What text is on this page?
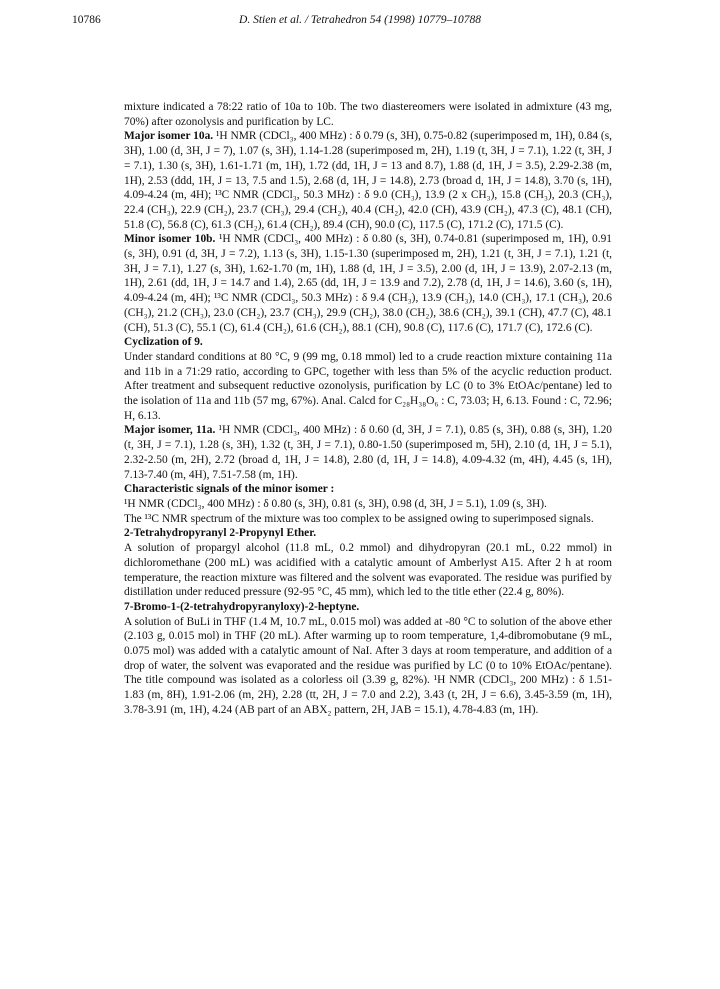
10786	D. Stien et al. / Tetrahedron 54 (1998) 10779–10788

mixture indicated a 78:22 ratio of 10a to 10b. The two diastereomers were isolated in admixture (43 mg, 70%) after ozonolysis and purification by LC.

Major isomer 10a. ¹H NMR (CDCl₃, 400 MHz) : δ 0.79 (s, 3H), 0.75-0.82 (superimposed m, 1H), 0.84 (s, 3H), 1.00 (d, 3H, J = 7), 1.07 (s, 3H), 1.14-1.28 (superimposed m, 2H), 1.19 (t, 3H, J = 7.1), 1.22 (t, 3H, J = 7.1), 1.30 (s, 3H), 1.61-1.71 (m, 1H), 1.72 (dd, 1H, J = 13 and 8.7), 1.88 (d, 1H, J = 3.5), 2.29-2.38 (m, 1H), 2.53 (ddd, 1H, J = 13, 7.5 and 1.5), 2.68 (d, 1H, J = 14.8), 2.73 (broad d, 1H, J = 14.8), 3.70 (s, 1H), 4.09-4.24 (m, 4H); ¹³C NMR (CDCl₃, 50.3 MHz) : δ 9.0 (CH₃), 13.9 (2 x CH₃), 15.8 (CH₃), 20.3 (CH₃), 22.4 (CH₃), 22.9 (CH₂), 23.7 (CH₃), 29.4 (CH₂), 40.4 (CH₂), 42.0 (CH), 43.9 (CH₂), 47.3 (C), 48.1 (CH), 51.8 (C), 56.8 (C), 61.3 (CH₂), 61.4 (CH₂), 89.4 (CH), 90.0 (C), 117.5 (C), 171.2 (C), 171.5 (C).

Minor isomer 10b. ¹H NMR (CDCl₃, 400 MHz) : δ 0.80 (s, 3H), 0.74-0.81 (superimposed m, 1H), 0.91 (s, 3H), 0.91 (d, 3H, J = 7.2), 1.13 (s, 3H), 1.15-1.30 (superimposed m, 2H), 1.21 (t, 3H, J = 7.1), 1.21 (t, 3H, J = 7.1), 1.27 (s, 3H), 1.62-1.70 (m, 1H), 1.88 (d, 1H, J = 3.5), 2.00 (d, 1H, J = 13.9), 2.07-2.13 (m, 1H), 2.61 (dd, 1H, J = 14.7 and 1.4), 2.65 (dd, 1H, J = 13.9 and 7.2), 2.78 (d, 1H, J = 14.6), 3.60 (s, 1H), 4.09-4.24 (m, 4H); ¹³C NMR (CDCl₃, 50.3 MHz) : δ 9.4 (CH₃), 13.9 (CH₃), 14.0 (CH₃), 17.1 (CH₃), 20.6 (CH₃), 21.2 (CH₃), 23.0 (CH₂), 23.7 (CH₃), 29.9 (CH₂), 38.0 (CH₂), 38.6 (CH₂), 39.1 (CH), 47.7 (C), 48.1 (CH), 51.3 (C), 55.1 (C), 61.4 (CH₂), 61.6 (CH₂), 88.1 (CH), 90.8 (C), 117.6 (C), 171.7 (C), 172.6 (C).

Cyclization of 9.

Under standard conditions at 80 °C, 9 (99 mg, 0.18 mmol) led to a crude reaction mixture containing 11a and 11b in a 71:29 ratio, according to GPC, together with less than 5% of the acyclic reduction product. After treatment and subsequent reductive ozonolysis, purification by LC (0 to 3% EtOAc/pentane) led to the isolation of 11a and 11b (57 mg, 67%). Anal. Calcd for C₂₈H₃₈O₆ : C, 73.03; H, 6.13. Found : C, 72.96; H, 6.13.

Major isomer, 11a. ¹H NMR (CDCl₃, 400 MHz) : δ 0.60 (d, 3H, J = 7.1), 0.85 (s, 3H), 0.88 (s, 3H), 1.20 (t, 3H, J = 7.1), 1.28 (s, 3H), 1.32 (t, 3H, J = 7.1), 0.80-1.50 (superimposed m, 5H), 2.10 (d, 1H, J = 5.1), 2.32-2.50 (m, 2H), 2.72 (broad d, 1H, J = 14.8), 2.80 (d, 1H, J = 14.8), 4.09-4.32 (m, 4H), 4.45 (s, 1H), 7.13-7.40 (m, 4H), 7.51-7.58 (m, 1H).

Characteristic signals of the minor isomer :

¹H NMR (CDCl₃, 400 MHz) : δ 0.80 (s, 3H), 0.81 (s, 3H), 0.98 (d, 3H, J = 5.1), 1.09 (s, 3H).

The ¹³C NMR spectrum of the mixture was too complex to be assigned owing to superimposed signals.

2-Tetrahydropyranyl 2-Propynyl Ether.

A solution of propargyl alcohol (11.8 mL, 0.2 mmol) and dihydropyran (20.1 mL, 0.22 mmol) in dichloromethane (200 mL) was acidified with a catalytic amount of Amberlyst A15. After 2 h at room temperature, the reaction mixture was filtered and the solvent was evaporated. The residue was purified by distillation under reduced pressure (92-95 °C, 45 mm), which led to the title ether (22.4 g, 80%).

7-Bromo-1-(2-tetrahydropyranyloxy)-2-heptyne.

A solution of BuLi in THF (1.4 M, 10.7 mL, 0.015 mol) was added at -80 °C to solution of the above ether (2.103 g, 0.015 mol) in THF (20 mL). After warming up to room temperature, 1,4-dibromobutane (9 mL, 0.075 mol) was added with a catalytic amount of NaI. After 3 days at room temperature, and addition of a drop of water, the solvent was evaporated and the residue was purified by LC (0 to 10% EtOAc/pentane). The title compound was isolated as a colorless oil (3.39 g, 82%). ¹H NMR (CDCl₃, 200 MHz) : δ 1.51-1.83 (m, 8H), 1.91-2.06 (m, 2H), 2.28 (tt, 2H, J = 7.0 and 2.2), 3.43 (t, 2H, J = 6.6), 3.45-3.59 (m, 1H), 3.78-3.91 (m, 1H), 4.24 (AB part of an ABX₂ pattern, 2H, JAB = 15.1), 4.78-4.83 (m, 1H).
